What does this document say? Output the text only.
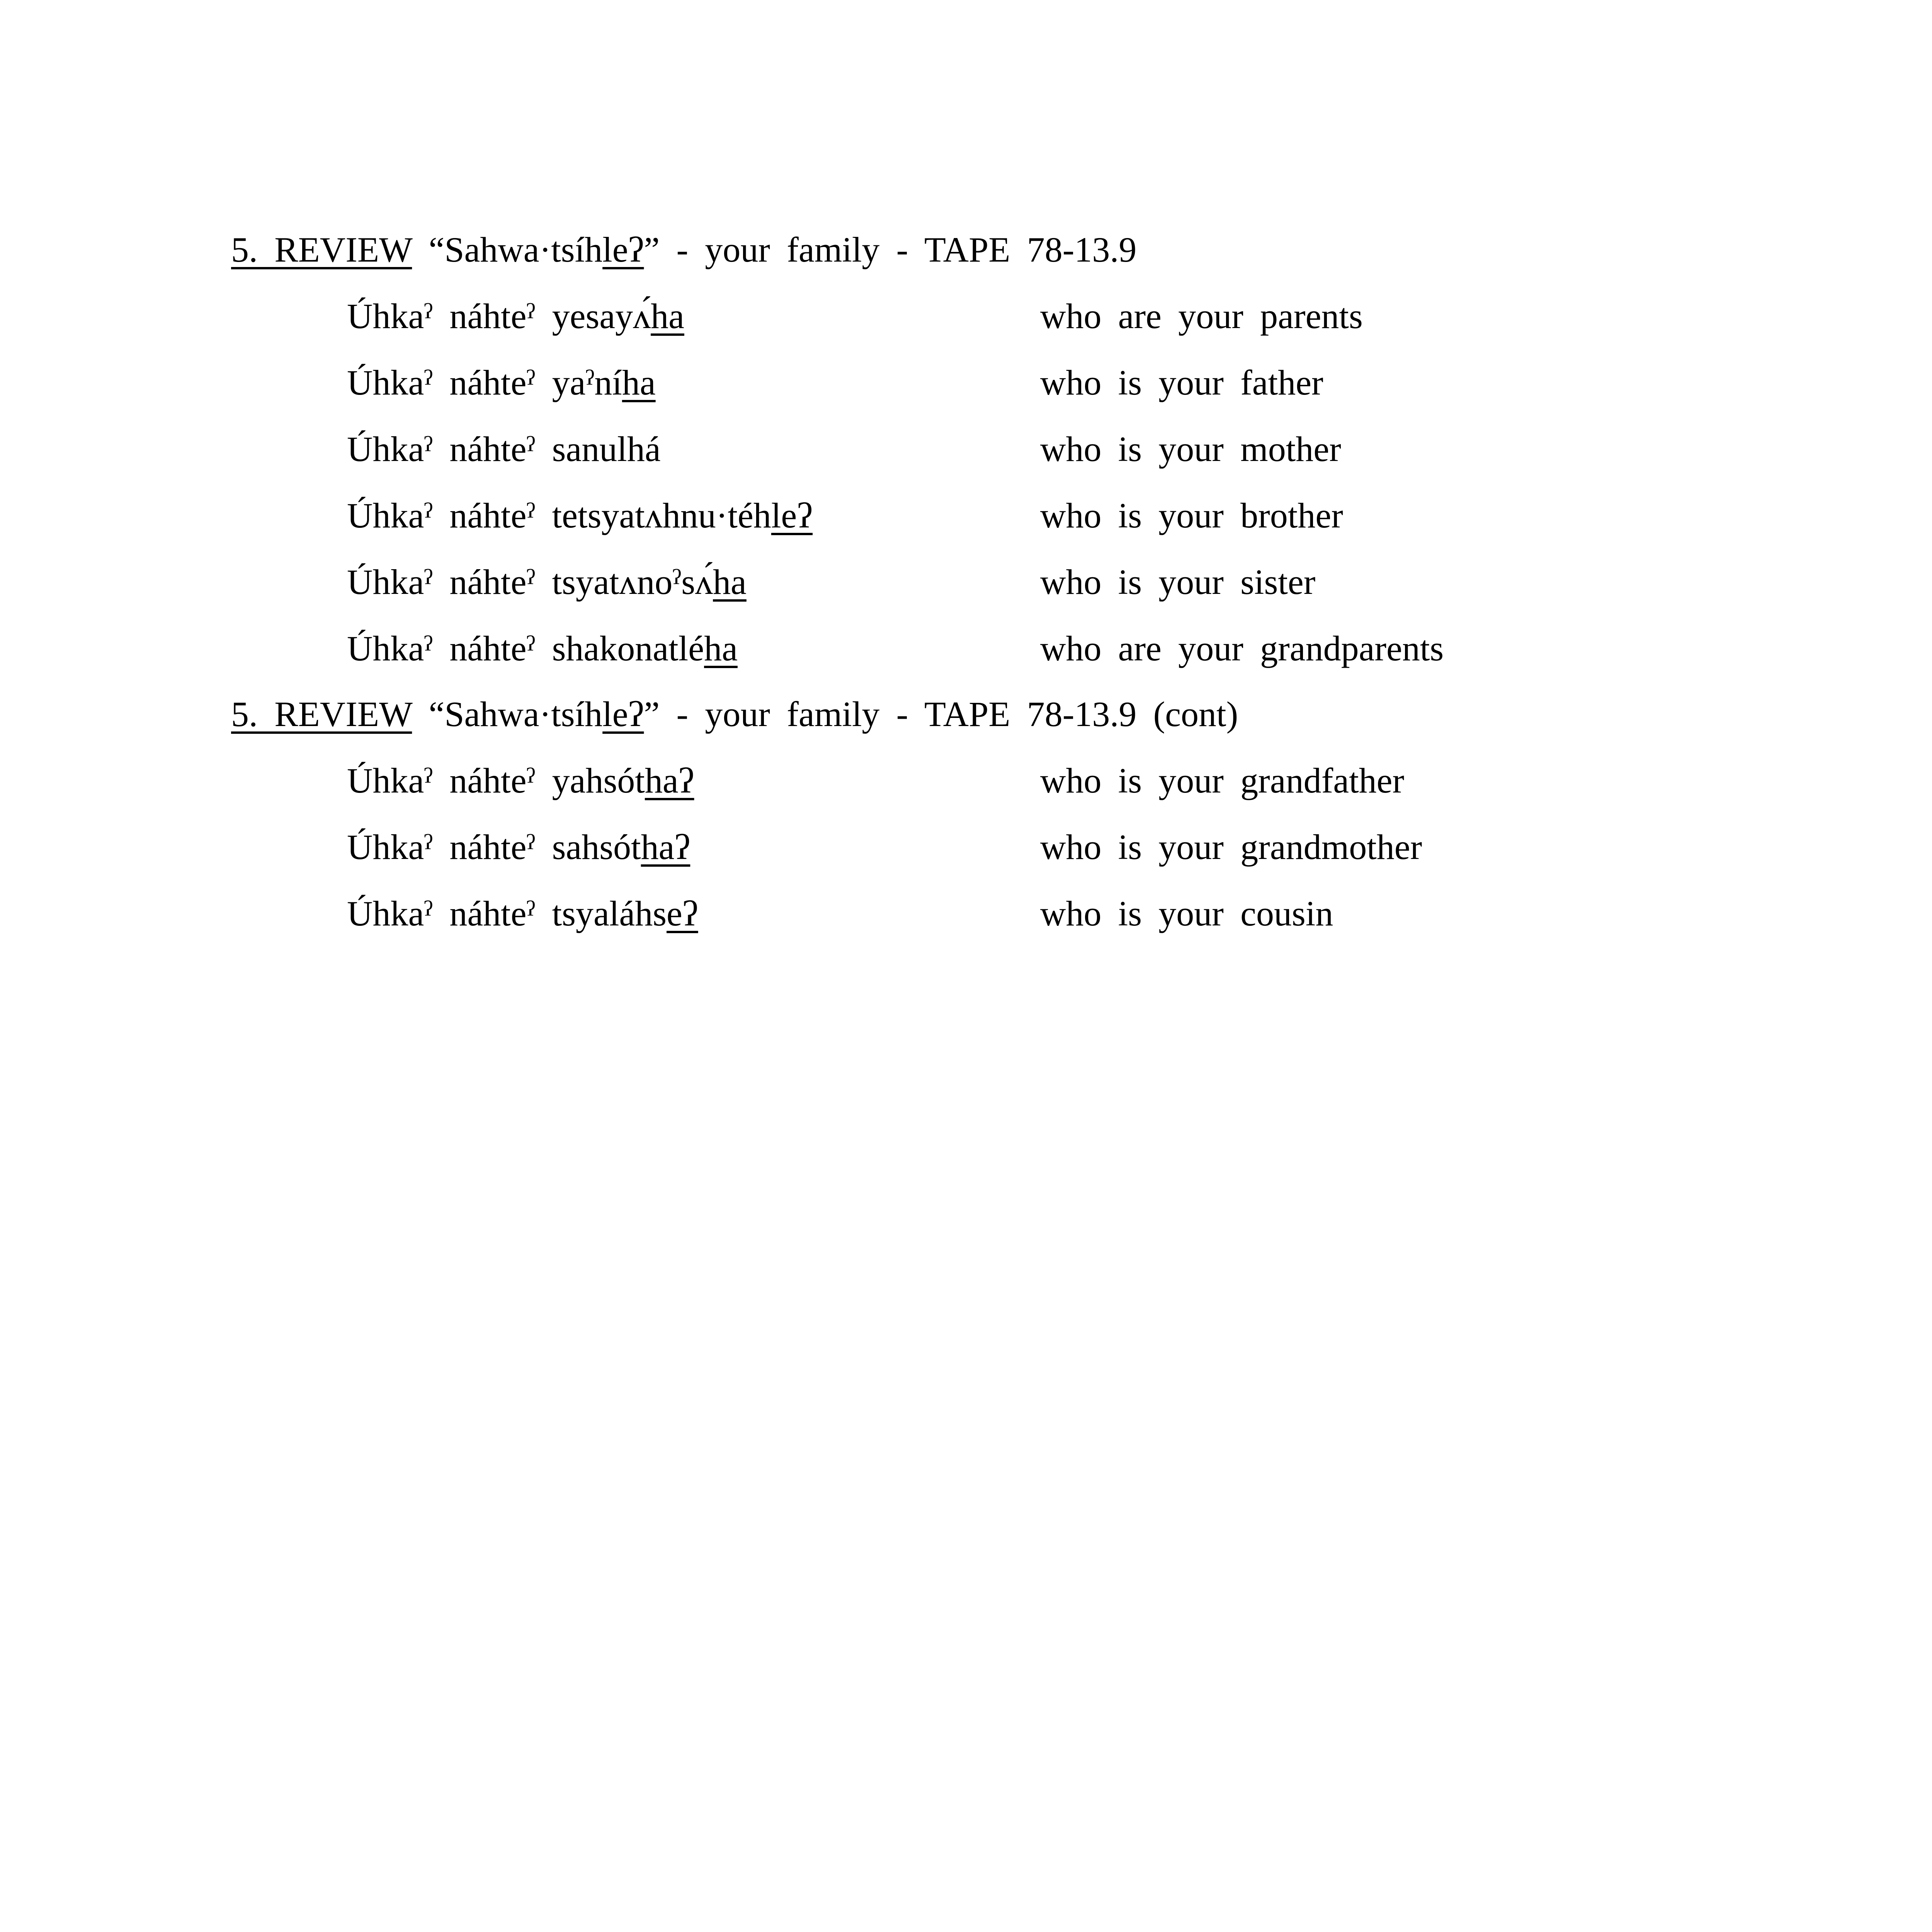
5. REVIEW “Sahwa·tsíhleʔ” - your family - TAPE 78-13.9
Úhkaˀ náhteˀ yesayʌ́ha	who are your parents
Úhkaˀ náhteˀ yaˀníha	who is your father
Úhkaˀ náhteˀ sanulhá	who is your mother
Úhkaˀ náhteˀ tetsyatʌhnu·téhleʔ	who is your brother
Úhkaˀ náhteˀ tsyatʌnoˀsʌ́ha	who is your sister
Úhkaˀ náhteˀ shakonatléha	who are your grandparents
5. REVIEW “Sahwa·tsíhleʔ” - your family - TAPE 78-13.9 (cont)
Úhkaˀ náhteˀ yahsóthaʔ	who is your grandfather
Úhkaˀ náhteˀ sahsóthaʔ	who is your grandmother
Úhkaˀ náhteˀ tsyaláhseʔ	who is your cousin
